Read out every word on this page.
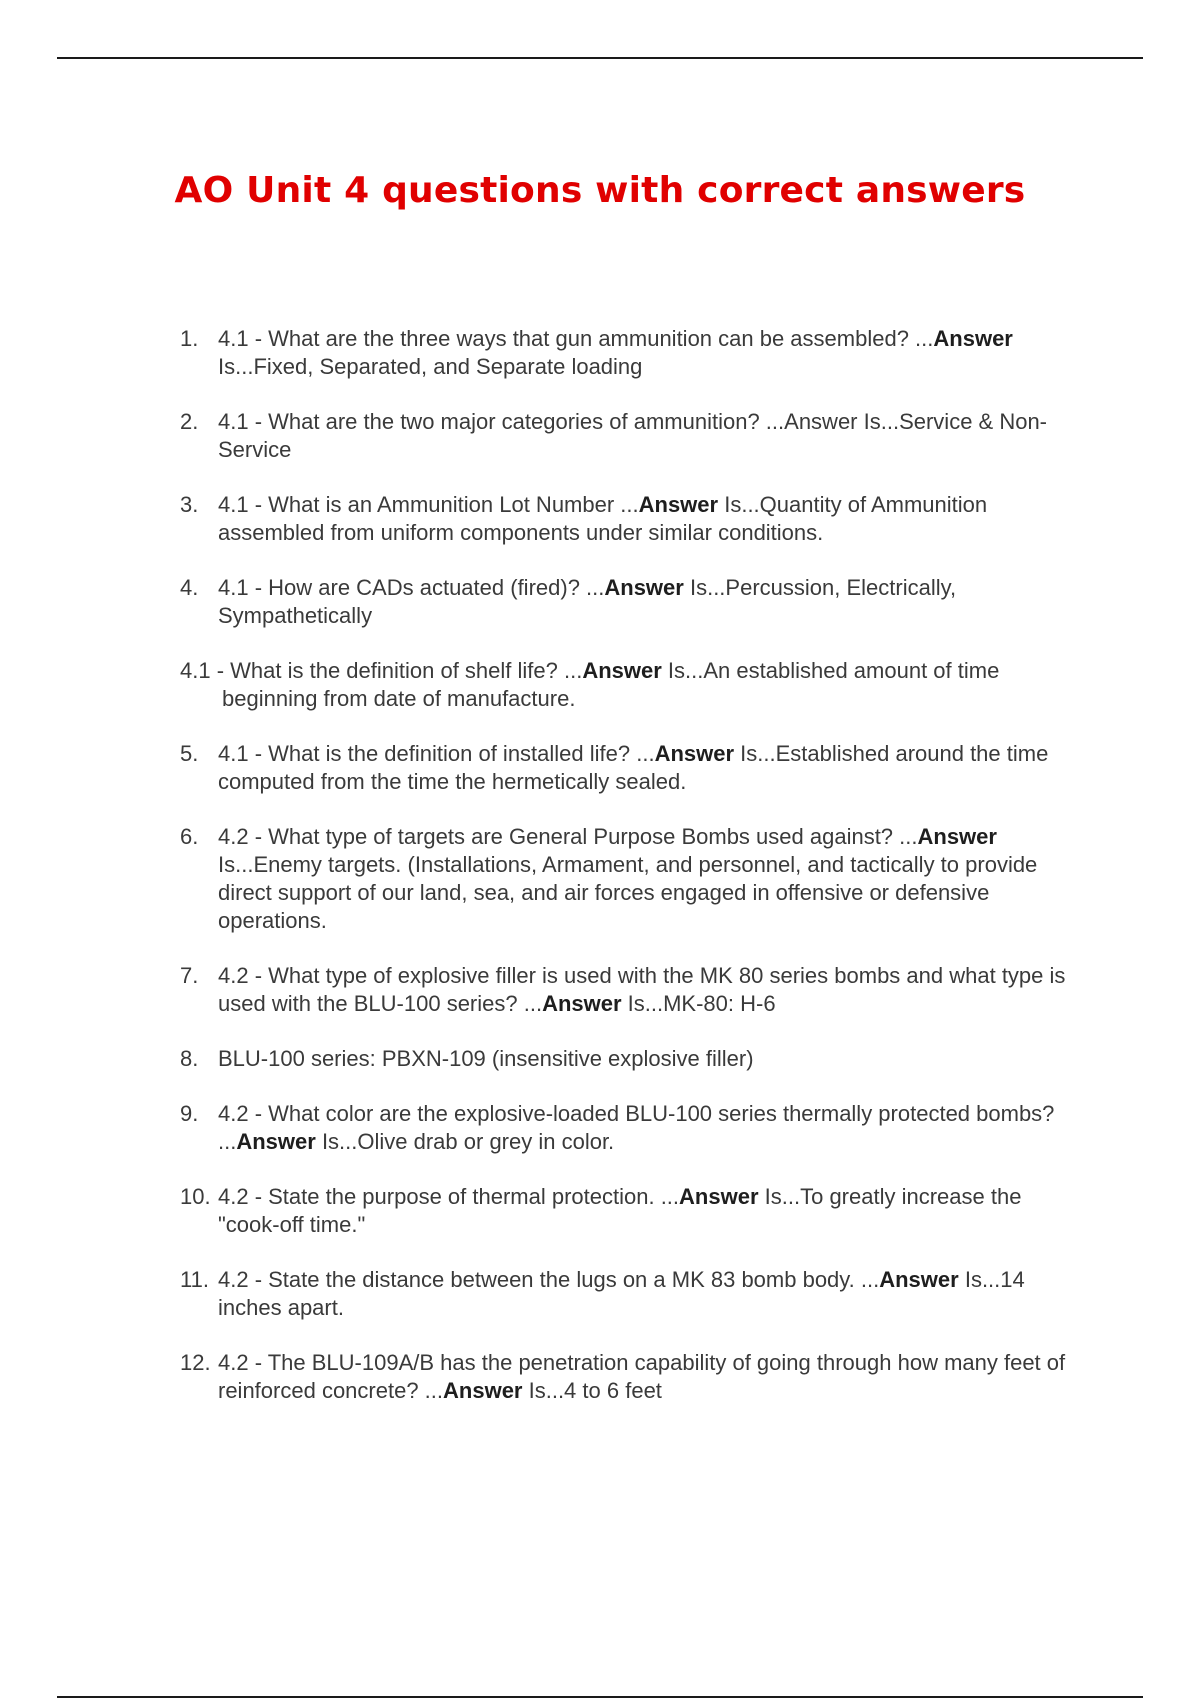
AO Unit 4 questions with correct answers
1. 4.1 - What are the three ways that gun ammunition can be assembled? ...Answer Is...Fixed, Separated, and Separate loading
2. 4.1 - What are the two major categories of ammunition? ...Answer Is...Service & Non-Service
3. 4.1 - What is an Ammunition Lot Number ...Answer Is...Quantity of Ammunition assembled from uniform components under similar conditions.
4. 4.1 - How are CADs actuated (fired)? ...Answer Is...Percussion, Electrically, Sympathetically
4.1 - What is the definition of shelf life? ...Answer Is...An established amount of time beginning from date of manufacture.
5. 4.1 - What is the definition of installed life? ...Answer Is...Established around the time computed from the time the hermetically sealed.
6. 4.2 - What type of targets are General Purpose Bombs used against? ...Answer Is...Enemy targets. (Installations, Armament, and personnel, and tactically to provide direct support of our land, sea, and air forces engaged in offensive or defensive operations.
7. 4.2 - What type of explosive filler is used with the MK 80 series bombs and what type is used with the BLU-100 series? ...Answer Is...MK-80: H-6
8. BLU-100 series: PBXN-109 (insensitive explosive filler)
9. 4.2 - What color are the explosive-loaded BLU-100 series thermally protected bombs? ...Answer Is...Olive drab or grey in color.
10. 4.2 - State the purpose of thermal protection. ...Answer Is...To greatly increase the "cook-off time."
11. 4.2 - State the distance between the lugs on a MK 83 bomb body. ...Answer Is...14 inches apart.
12. 4.2 - The BLU-109A/B has the penetration capability of going through how many feet of reinforced concrete? ...Answer Is...4 to 6 feet
